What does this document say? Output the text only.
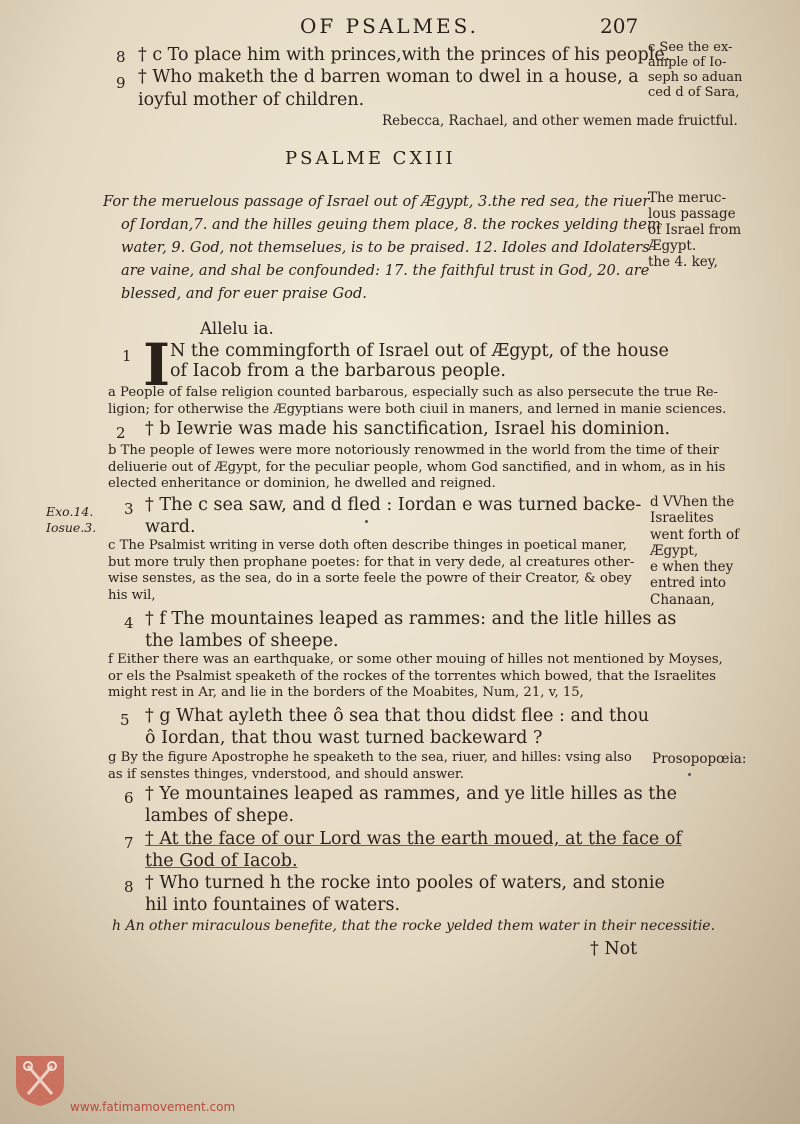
OF PSALMES.	207
8 † c To place him with princes,with the princes of his people.
9 † Who maketh the d barren woman to dwel in a house, a
ioyful mother of children.
c See the ex-
ample of Io-
seph so aduan
ced d of Sara,
Rebecca, Rachael, and other wemen made fruictful.
PSALME CXIII
For the meruelous passage of Israel out of Ægypt, 3.the red sea, the riuer
of Iordan,7. and the hilles geuing them place, 8. the rockes yelding them
water, 9. God, not themselues, is to be praised. 12. Idoles and Idolaters
are vaine, and shal be confounded: 17. the faithful trust in God, 20. are
blessed, and for euer praise God.
The meruc-
lous passage
of Israel from
Ægypt.
the 4. key,
Allelu ia.
1 I N the commingforth of Israel out of Ægypt, of the house
of Iacob from a the barbarous people.
a People of false religion counted barbarous, especially such as also persecute the true Re-
ligion; for otherwise the Ægyptians were both ciuil in maners, and lerned in manie sciences.
2 † b Iewrie was made his sanctification, Israel his dominion.
b The people of Iewes were more notoriously renowmed in the world from the time of their
deliuerie out of Ægypt, for the peculiar people, whom God sanctified, and in whom, as in his
elected enheritance or dominion, he dwelled and reigned.
Exo.14.
Iosue.3.
3 † The c sea saw, and d fled : Iordan e was turned backe-
ward.
d VVhen the
Israelites
went forth of
Ægypt,
e when they
entred into
Chanaan,
c The Psalmist writing in verse doth often describe thinges in poetical maner,
but more truly then prophane poetes: for that in very dede, al creatures other-
wise senstes, as the sea, do in a sorte feele the powre of their Creator, & obey
his wil,
4 † f The mountaines leaped as rammes: and the litle hilles as
the lambes of sheepe.
f Either there was an earthquake, or some other mouing of hilles not mentioned by Moyses,
or els the Psalmist speaketh of the rockes of the torrentes which bowed, that the Israelites
might rest in Ar, and lie in the borders of the Moabites, Num, 21, v, 15,
5 † g What ayleth thee ô sea that thou didst flee : and thou
ô Iordan, that thou wast turned backeward ?
g By the figure Apostrophe he speaketh to the sea, riuer, and hilles: vsing also
as if senstes thinges, vnderstood, and should answer.
Prosopopœia:
6 † Ye mountaines leaped as rammes, and ye litle hilles as the
lambes of shepe.
7 † At the face of our Lord was the earth moued, at the face of
the God of Iacob.
8 † Who turned h the rocke into pooles of waters, and stonie
hil into fountaines of waters.
h An other miraculous benefite, that the rocke yelded them water in their necessitie.
† Not
www.fatimamovement.com
